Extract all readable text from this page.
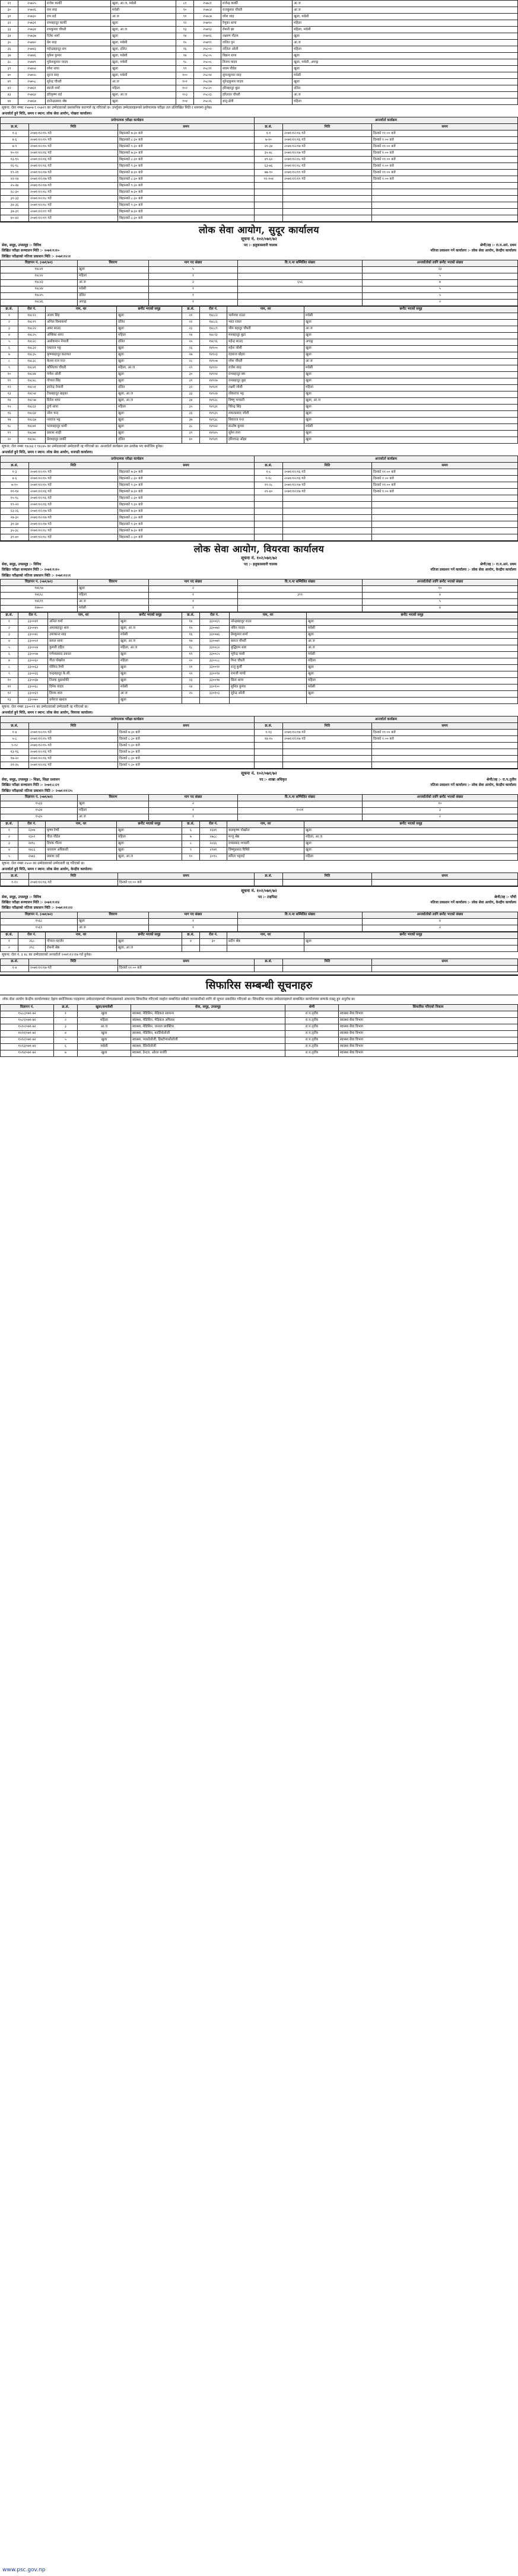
२९	२५७२५	राजेश कार्की	खुला, आ.ज, मधेसी	८९	२५७८१	राजेन्द्र कार्की	आ.ज
३०	२५७२६	राम साह	मधेसी	९०	२५७८४	राजकुमार चौधरी	आ.ज
३१	२५७३०	राम राई	आ.ज	९१	२५७८७	रमेश शाह	खुला, मधेसी
३२	२५७३१	रामबहादुर कार्की	खुला	९२	२५७९०	रेणुका थापा	महिला
३३	२५७३४	रामकुमार चौधरी	खुला, आ.ज	९३	२५७९३	रोशनी झा	महिला, मधेसी
३४	२५७३७	रितेश शर्मा	खुला	९४	२५७९६	लक्ष्मण गौतम	खुला
३५	२५७४०	प्रेम साह	खुला, मधेसी	९५	२५७९९	ललित पुन	आ.ज
३६	२५७४३	महेन्द्रबहादुर राम	खुला, दलित	९६	२५८०२	ललिता ओली	महिला
३७	२५७४६	मुकेश कुमार	खुला, मधेसी	९७	२५८०५	विक्रम थापा	खुला
३८	२५७४९	मुकेशकुमार यादव	खुला, मधेसी	९८	२५८०८	विजय यादव	खुला, मधेसी, अपाङ्ग
३९	२५७५२	रमेश थापा	खुला	९९	२५८११	श्याम पौडेल	खुला
४०	२५७५५	सुरज साह	खुला, मधेसी	१००	२५८१४	सुमनकुमार साह	मधेसी
४१	२५७५८	सुरेन्द्र चौधरी	आ.ज	१०१	२५८१७	सुरेन्द्रकुमार यादव	खुला
४२	२५७६१	स्वाती शर्मा	महिला	१०२	२५८२०	हरिबहादुर बुढा	दलित
४३	२५७६४	हरिकृष्ण राई	खुला, आ.ज	१०३	२५८२३	हरिलाल चौधरी	आ.ज
४४	२५७६७	ज्ञानेन्द्रप्रसाद श्रेष्ठ	खुला	१०४	२५८२६	ज्ञानु क्षेत्री	महिला
सूचना: रोल नम्बर २५७०७ र २५७२९ का उम्मेदवारको प्रशासनिक कारणले रद्द गरिएको छ। उपर्युक्त उम्मेदवारहरूको प्रयोगात्मक परीक्षा तल उल्लिखित मिति र समयमा हुनेछ।
अन्तर्वार्ता हुने मिति, समय र स्थान: लोक सेवा आयोग, पोखरा कार्यालय।
प्रयोगात्मक परीक्षा कार्यक्रम			अन्तर्वार्ता कार्यक्रम		
क्र.सं.	मिति	समय	क्र.सं.	मिति	समय
१-३	२०७१।१२।१५ गते	बिहानको ७:३० बजे	१-१	२०७१।१२।१६ गते	दिनको ११:०० बजे
४-६	२०७१।१२।१५ गते	बिहानको ८:३० बजे	७-२०	२०७१।१२।१६ गते	दिनको १:०० बजे
७-९	२०७१।१२।१५ गते	बिहानको ९:३० बजे	२१-३४	२०७१।१२।१७ गते	दिनको ११:०० बजे
१०-१२	२०७१।१२।१६ गते	बिहानको ७:३० बजे	३५-४८	२०७१।१२।१७ गते	दिनको १:०० बजे
१३-१५	२०७१।१२।१६ गते	बिहानको ८:३० बजे	४९-६२	२०७१।१२।१८ गते	दिनको ११:०० बजे
१६-१८	२०७१।१२।१६ गते	बिहानको ९:३० बजे	६३-७६	२०७१।१२।१८ गते	दिनको १:०० बजे
१९-२१	२०७१।१२।१७ गते	बिहानको ७:३० बजे	७७-९०	२०७१।१२।१९ गते	दिनको ११:०० बजे
२२-२४	२०७१।१२।१७ गते	बिहानको ८:३० बजे	९१-१०४	२०७१।१२।१९ गते	दिनको १:०० बजे
२५-२७	२०७१।१२।१७ गते	बिहानको ९:३० बजे			
२८-३०	२०७१।१२।१८ गते	बिहानको ७:३० बजे			
३१-३३	२०७१।१२।१८ गते	बिहानको ८:३० बजे			
३४-३६	२०७१।१२।१८ गते	बिहानको ९:३० बजे			
३७-३९	२०७१।१२।१९ गते	बिहानको ७:३० बजे			
४०-४२	२०७१।१२।१९ गते	बिहानको ८:३० बजे			
लोक सेवा आयोग, सुदूर कार्यालय
सूचना नं. १०२/०७१/७२
सेवा, समूह, उपसमूह :- विविध	पद :- हलुकासवारी चालक	श्रेणी/तह :- रा.प.अनं. प्रथम
लिखित परीक्षा सञ्चालन मिति :- २०७१।९।१०	नतिजा प्रकाशन गर्ने कार्यालय :- लोक सेवा आयोग, केन्द्रीय कार्यालय
लिखित परीक्षाको नतिजा प्रकाशन मिति :- २०७१।१२।१
विज्ञापन नं. (०७१/७२)	विवरण	माग पद संख्या	वि.प.मा सम्मिलित संख्या	अन्तर्वार्ताको लागि छनौट भएको संख्या
१४८४१	खुला	५		२३
१४८४२	महिला	१		५
१४८४३	आ.ज	२	६५६	७
१४८४४	मधेसी	१		५
१४८४५	दलित	१		५
१४८४६	अपाङ्ग	१		२
क्र.सं.	रोल नं.	नाम, थर	छनौट भएको समूह	क्र.सं.	रोल नं.	नाम, थर	छनौट भएको समूह
१	१४८१२	अजय सिंह	खुला	२१	१४८८२	भागेश्वर राउत	मधेसी
२	१४८१९	अनिल विश्वकर्मा	दलित	२२	१४८८६	भरत रावल	खुला
३	१४८२२	अमर साउद	खुला	२३	१४८८९	भीम बहादुर चौधरी	आ.ज
४	१४८२५	अम्बिका थापा	महिला	२४	१४८९३	मनबहादुर बुढा	खुला
५	१४८२८	असोकमान नेपाली	दलित	२५	१४८९६	महेन्द्र साउद	अपाङ्ग
६	१४८३२	एकराज भट्ट	खुला	२६	१४९००	महेश जोशी	खुला
७	१४८३५	कृष्णबहादुर कठायत	खुला	२७	१४९०३	यज्ञराज बोहरा	खुला
८	१४८३८	केशव राज पन्त	खुला	२८	१४९०७	रमेश चौधरी	आ.ज
९	१४८४१	कौशिल्या चौधरी	महिला, आ.ज	२९	१४९१०	राजेश साह	मधेसी
१०	१४८४४	गणेश ओली	खुला	३०	१४९१४	रामबहादुर बम	खुला
११	१४८४८	गोपाल सिंह	खुला	३१	१४९१७	रामबहादुर बुढा	खुला
१२	१४८५१	ज्ञानेन्द्र नेपाली	दलित	३२	१४९२१	लक्ष्मी जोशी	महिला
१३	१४८५४	टेकबहादुर खड्का	खुला, आ.ज	३३	१४९२४	लोकराज भट्ट	खुला
१४	१४८५७	दिनेश थापा	खुला, आ.ज	३४	१४९२८	विष्णु भण्डारी	खुला, आ.ज
१५	१४८६१	दुर्गा थापा	महिला	३५	१४९३१	विरेन्द्र सिंह	खुला
१६	१४८६४	नरेश चन्द	खुला	३६	१४९३५	शंकरप्रसाद जोशी	खुला
१७	१४८६७	नवराज भट्ट	खुला	३७	१४९३८	शिवराज पन्त	खुला
१८	१४८७१	पदमबहादुर धामी	खुला	३८	१४९४२	सन्तोष कुमार	मधेसी
१९	१४८७४	प्रकाश शाही	खुला	३९	१४९४५	सुरेश राना	खुला
२०	१४८७८	प्रेमबहादुर सार्की	दलित	४०	१४९४९	हरिश्चन्द्र ओझा	खुला
सूचना: रोल नम्बर १४८७३ र १४८७५ का उम्मेदवारको उम्मेदवारी रद्द गरिएको छ। अन्तर्वार्ता कार्यक्रम तल उल्लेख भए बमोजिम हुनेछ।
अन्तर्वार्ता हुने मिति, समय र स्थान: लोक सेवा आयोग, धनगढी कार्यालय।
प्रयोगात्मक परीक्षा कार्यक्रम			अन्तर्वार्ता कार्यक्रम		
क्र.सं.	मिति	समय	क्र.सं.	मिति	समय
१-३	२०७१।१२।१५ गते	बिहानको ७:३० बजे	१-८	२०७१।१२।१६ गते	दिनको ११:०० बजे
४-६	२०७१।१२।१५ गते	बिहानको ८:३० बजे	९-१८	२०७१।१२।१६ गते	दिनको १:०० बजे
७-१०	२०७१।१२।१५ गते	बिहानको ९:३० बजे	१९-२८	२०७१।१२।१७ गते	दिनको ११:०० बजे
११-१४	२०७१।१२।१६ गते	बिहानको ७:३० बजे	२९-४०	२०७१।१२।१७ गते	दिनको १:०० बजे
१५-१८	२०७१।१२।१६ गते	बिहानको ८:३० बजे			
१९-२२	२०७१।१२।१६ गते	बिहानको ९:३० बजे			
२३-२६	२०७१।१२।१७ गते	बिहानको ७:३० बजे			
२७-३०	२०७१।१२।१७ गते	बिहानको ८:३० बजे			
३१-३४	२०७१।१२।१७ गते	बिहानको ९:३० बजे			
३५-३८	२०७१।१२।१८ गते	बिहानको ७:३० बजे			
३९-४०	२०७१।१२।१८ गते	बिहानको ८:३० बजे			
लोक सेवा आयोग, वियरवा कार्यालय
सूचना नं. १०२/०७१/७२
सेवा, समूह, उपसमूह :- विविध	पद :- हलुकासवारी चालक	श्रेणी/तह :- रा.प.अनं. प्रथम
लिखित परीक्षा सञ्चालन मिति :- २०७१।९।१०	नतिजा प्रकाशन गर्ने कार्यालय :- लोक सेवा आयोग, केन्द्रीय कार्यालय
लिखित परीक्षाको नतिजा प्रकाशन मिति :- २०७१।१२।१
विज्ञापन नं. (०७१/७२)	विवरण	माग पद संख्या	वि.प.मा सम्मिलित संख्या	अन्तर्वार्ताको लागि छनौट भएको संख्या
१४६९७	खुला	२		१०
१४६९८	महिला	१	३९१	४
१४६९९	आ.ज	१		५
१४७००	मधेसी	१		४
क्र.सं.	रोल नं.	नाम, थर	छनौट भएको समूह	क्र.सं.	रोल नं.	नाम, थर	छनौट भएको समूह
१	३३००४१	अनिल वर्मा	खुला	१४	३३००६९	नरेन्द्रबहादुर राउत	खुला
२	३३००४५	अमरबहादुर थारु	खुला, आ.ज	१५	३३००७२	नविन यादव	मधेसी
३	३३००४८	उमाकान्त साह	मधेसी	१६	३३००७६	प्रेमकुमार शर्मा	खुला
४	३३००५१	कमल थापा	खुला, आ.ज	१७	३३००७९	बसन्त चौधरी	आ.ज
५	३३००५४	कुमारी दहित	महिला, आ.ज	१८	३३००८२	बुद्धिराम थारु	आ.ज
६	३३००५७	गणेशप्रसाद ढकाल	खुला	१९	३३००८५	भूपेन्द्र पासी	मधेसी
७	३३००६०	गीता पोखरेल	महिला	२०	३३००८८	मिना चौधरी	महिला
८	३३००६३	गोविन्द रेग्मी	खुला	२१	३३००९१	राजु कुर्मी	खुला
९	३३००६६	चन्द्रबहादुर के.सी.	खुला	२२	३३००९४	रामजी पाण्डे	खुला
१०	३३००६७	तिलक बुढाथोकी	खुला	२३	३३००९७	सिता थापा	महिला
११	३३००६८	दिनेश यादव	मधेसी	२४	३३०१००	सुनिल कुमार	मधेसी
१२	३३००६९	दिपक थारु	आ.ज	२५	३३०१०३	सुरेन्द्र ओली	खुला
१३	३३००७०	धर्मराज खनाल	खुला				
सूचना: रोल नम्बर ३३००९९ का उम्मेदवारको उम्मेदवारी रद्द गरिएको छ।
अन्तर्वार्ता हुने मिति, समय र स्थान: लोक सेवा आयोग, वियरवा कार्यालय।
प्रयोगात्मक परीक्षा कार्यक्रम			अन्तर्वार्ता कार्यक्रम		
क्र.सं.	मिति	समय	क्र.सं.	मिति	समय
१-४	२०७१।१२।१५ गते	दिनको ७:३० बजे	१-१३	२०७१।१२।१७ गते	दिनको ११:०० बजे
५-८	२०७१।१२।१५ गते	दिनको ८:३० बजे	१४-२५	२०७१।१२।१७ गते	दिनको १:०० बजे
९-१२	२०७१।१२।१५ गते	दिनको ९:३० बजे			
१३-१६	२०७१।१२।१६ गते	दिनको ७:३० बजे			
१७-२०	२०७१।१२।१६ गते	दिनको ८:३० बजे			
२१-२५	२०७१।१२।१६ गते	दिनको ९:३० बजे			
सूचना नं. १०२/०७१/७२
सेवा, समूह, उपसमूह :- शिक्षा, शिक्षा प्रशासन	पद :- शाखा अधिकृत	श्रेणी/तह :- रा.प.तृतीय
लिखित परीक्षा सञ्चालन मिति :- २०७१।८।२१	नतिजा प्रकाशन गर्ने कार्यालय :- लोक सेवा आयोग, केन्द्रीय कार्यालय
लिखित परीक्षाको नतिजा प्रकाशन मिति :- २०७१।११।२५
विज्ञापन नं. (०७१/७२)	विवरण	माग पद संख्या	वि.प.मा सम्मिलित संख्या	अन्तर्वार्ताको लागि छनौट भएको संख्या
१५३३	खुला	२		१०
१५३४	महिला	१	१०२१	३
१५३५	आ.ज	१		२
क्र.सं.	रोल नं.	नाम, थर	छनौट भएको समूह	क्र.सं.	रोल नं.	नाम, थर	छनौट भएको समूह
१	२३०७	कृष्ण रेग्मी	खुला	६	२६४१	बालकृष्ण पोखरेल	खुला
२	२३५९	गीता पौडेल	महिला	७	२७८८	मन्जु श्रेष्ठ	महिला, आ.ज
३	२४१८	दिपक गौतम	खुला	८	२८६६	रामप्रसाद भण्डारी	खुला
४	२४८६	नारायण अधिकारी	खुला	९	२९४१	विष्णुप्रसाद घिमिरे	खुला
५	२५७३	प्रकाश राई	खुला, आ.ज	१०	३०१५	सरिता भट्टराई	महिला
सूचना: रोल नम्बर २५५० का उम्मेदवारको उम्मेदवारी रद्द गरिएको छ।
अन्तर्वार्ता हुने मिति, समय र स्थान: लोक सेवा आयोग, केन्द्रीय कार्यालय।
क्र.सं.	मिति	समय	क्र.सं.	मिति	समय
१-१०	२०७१।१२।१६ गते	दिनको ११:०० बजे			
सूचना नं. १०२/०७१/७२
सेवा, समूह, उपसमूह :- विविध	पद :- टाइपिस्ट	श्रेणी/तह :- पाँचौ
लिखित परीक्षा सञ्चालन मिति :- २०७१।९।१४	नतिजा प्रकाशन गर्ने कार्यालय :- लोक सेवा आयोग, केन्द्रीय कार्यालय
लिखित परीक्षाको नतिजा प्रकाशन मिति :- २०७१।११।२२
विज्ञापन नं. (०७१/७२)	विवरण	माग पद संख्या	वि.प.मा सम्मिलित संख्या	अन्तर्वार्ताको लागि छनौट भएको संख्या
१५६८	खुला	१		४
१५६९	आ.ज	१		२
क्र.सं.	रोल नं.	नाम, थर	छनौट भएको समूह	क्र.सं.	रोल नं.	नाम, थर	छनौट भएको समूह
१	२६८	गोपाल महर्जन	खुला	४	३०	प्रदीप श्रेष्ठ	खुला
२	२९८	रोशनी श्रेष्ठ	खुला, आ.ज				
सूचना: रोल नं. ३ ४८ का उम्मेदवारको अन्तर्वार्ता २०७१।१२।१७ गते हुनेछ।
क्र.सं.	मिति	समय	क्र.सं.	मिति	समय
१-४	२०७१।१२।१७ गते	दिनको ११:०० बजे			
सिफारिस सम्बन्धी सूचनाहरु
लोक सेवा आयोग केन्द्रीय कार्यालयबाट देहाय बमोजिमका पदहरूमा उम्मेदवारहरूको योग्यताक्रमको आधारमा सिफारिस गरिएको व्यहोरा सम्बन्धित सबैको जानकारीको लागि यो सूचना प्रकाशित गरिएको छ। सिफारिस भएका उम्मेदवारहरूले सम्बन्धित कार्यालयमा सम्पर्क राख्नु हुन अनुरोध छ।
विज्ञापन नं.	क्र.सं.	खुला/समावेशी	सेवा, समूह, उपसमूह	श्रेणी	सिफारिस गरिएको निकाय
१५८८/०७१-७२	१	खुला	स्वास्थ्य, मेडिसिन, मेडिकल सामान्य	रा.प.तृतीय	स्वास्थ्य सेवा विभाग
१५८९/०७१-७२	२	महिला	स्वास्थ्य, मेडिसिन, मेडिकल अफिसर	रा.प.तृतीय	स्वास्थ्य सेवा विभाग
१५९०/०७१-७२	३	आ.ज	स्वास्थ्य, मेडिसिन, जनरल प्र्याक्टिस	रा.प.तृतीय	स्वास्थ्य सेवा विभाग
१५९१/०७१-७२	४	खुला	स्वास्थ्य, मेडिसिन, कार्डियोलोजी	रा.प.तृतीय	स्वास्थ्य सेवा विभाग
१५९२/०७१-७२	५	खुला	स्वास्थ्य, प्याथोलोजी, हिस्टोप्याथोलोजी	रा.प.तृतीय	स्वास्थ्य सेवा विभाग
१५९३/०७१-७२	६	मधेसी	स्वास्थ्य, रेडियोलोजी	रा.प.तृतीय	स्वास्थ्य सेवा विभाग
१५९४/०७१-७२	७	खुला	स्वास्थ्य, डेन्टल, ओरल सर्जरी	रा.प.तृतीय	स्वास्थ्य सेवा विभाग
www.psc.gov.np
